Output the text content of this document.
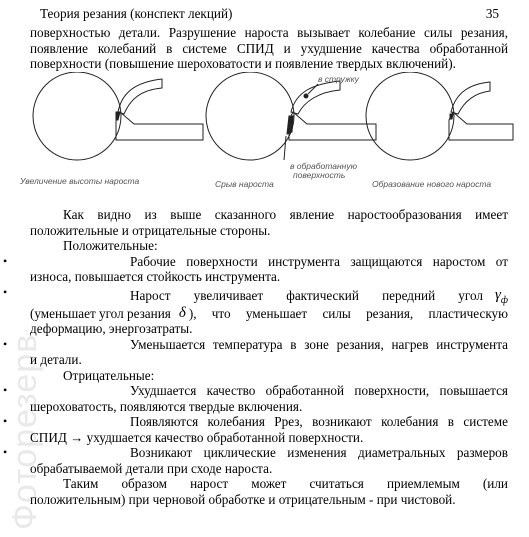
Фоторезерв
Теория резания (конспект лекций)	35
поверхностью детали. Разрушение нароста вызывает колебание силы резания,
появление колебаний в системе СПИД и ухудшение качества обработанной
поверхности (повышение шероховатости и появление твердых включений).
Увеличение высоты нароста
в стружку
в обработанную
поверхность
Срыв нароста	Образование нового нароста
Как видно из выше сказанного явление наростообразования имеет
положительные и отрицательные стороны.
Положительные:
•	Рабочие поверхности инструмента защищаются наростом от
износа, повышается стойкость инструмента.
•	Нарост увеличивает фактический передний угол $\gamma_ф$
(уменьшает угол резания δ ), что уменьшает силы резания, пластическую
деформацию, энергозатраты.
•	Уменьшается температура в зоне резания, нагрев инструмента
и детали.
Отрицательные:
•	Ухудшается качество обработанной поверхности, повышается
шероховатость, появляются твердые включения.
•	Появляются колебания Ррез, возникают колебания в системе
СПИД → ухудшается качество обработанной поверхности.
•	Возникают циклические изменения диаметральных размеров
обрабатываемой детали при сходе нароста.
Таким образом нарост может считаться приемлемым (или
положительным) при черновой обработке и отрицательным - при чистовой.
